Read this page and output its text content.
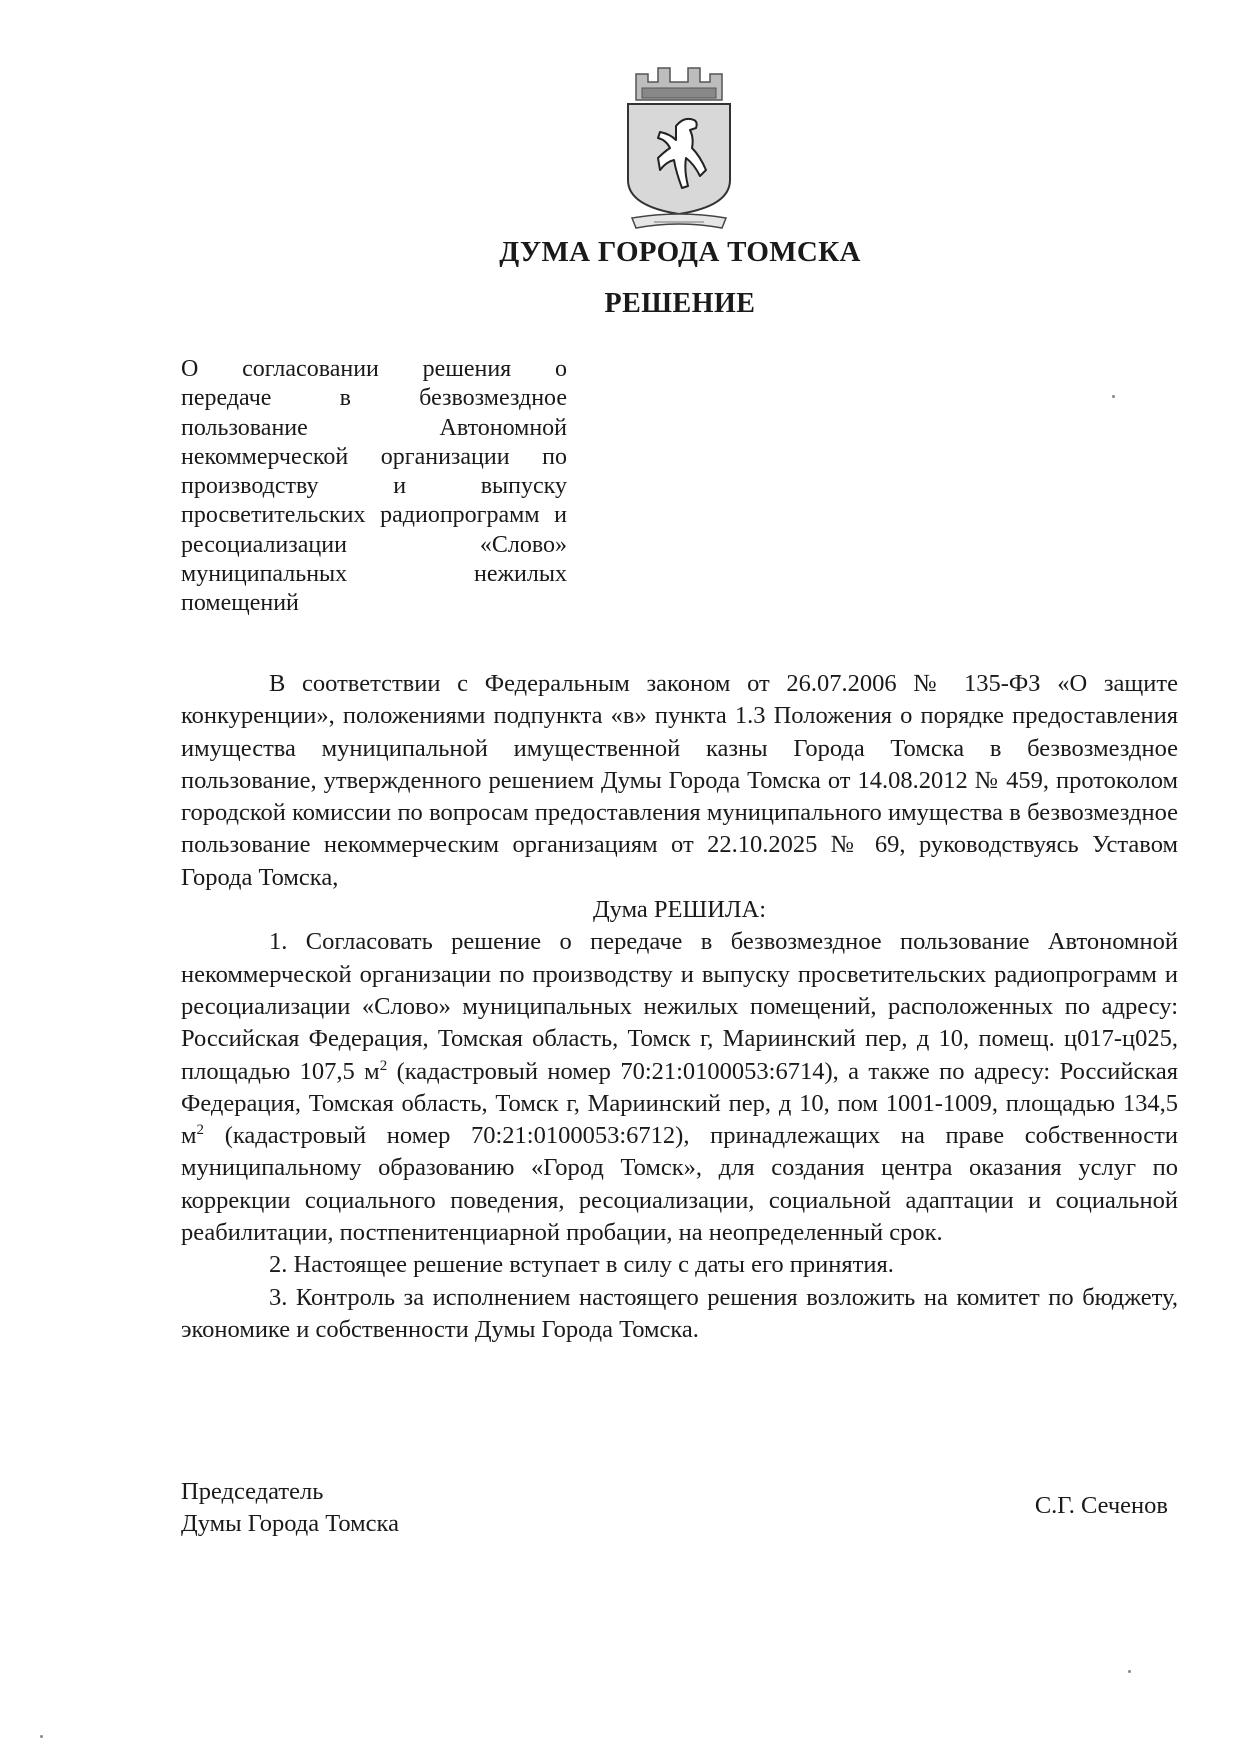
ДУМА ГОРОДА ТОМСКА
РЕШЕНИЕ
О согласовании решения о
передаче в безвозмездное
пользование Автономной
некоммерческой организации по
производству и выпуску
просветительских радиопрограмм и
ресоциализации «Слово»
муниципальных нежилых
помещений

В соответствии с Федеральным законом от 26.07.2006 № 135-ФЗ «О защите конкуренции», положениями подпункта «в» пункта 1.3 Положения о порядке предоставления имущества муниципальной имущественной казны Города Томска в безвозмездное пользование, утвержденного решением Думы Города Томска от 14.08.2012 № 459, протоколом городской комиссии по вопросам предоставления муниципального имущества в безвозмездное пользование некоммерческим организациям от 22.10.2025 № 69, руководствуясь Уставом Города Томска,

Дума РЕШИЛА:

1. Согласовать решение о передаче в безвозмездное пользование Автономной некоммерческой организации по производству и выпуску просветительских радиопрограмм и ресоциализации «Слово» муниципальных нежилых помещений, расположенных по адресу: Российская Федерация, Томская область, Томск г, Мариинский пер, д 10, помещ. ц017-ц025, площадью 107,5 $м^2$ (кадастровый номер 70:21:0100053:6714), а также по адресу: Российская Федерация, Томская область, Томск г, Мариинский пер, д 10, пом 1001-1009, площадью 134,5 $м^2$ (кадастровый номер 70:21:0100053:6712), принадлежащих на праве собственности муниципальному образованию «Город Томск», для создания центра оказания услуг по коррекции социального поведения, ресоциализации, социальной адаптации и социальной реабилитации, постпенитенциарной пробации, на неопределенный срок.

2. Настоящее решение вступает в силу с даты его принятия.

3. Контроль за исполнением настоящего решения возложить на комитет по бюджету, экономике и собственности Думы Города Томска.

Председатель
Думы Города Томска
С.Г. Сеченов
